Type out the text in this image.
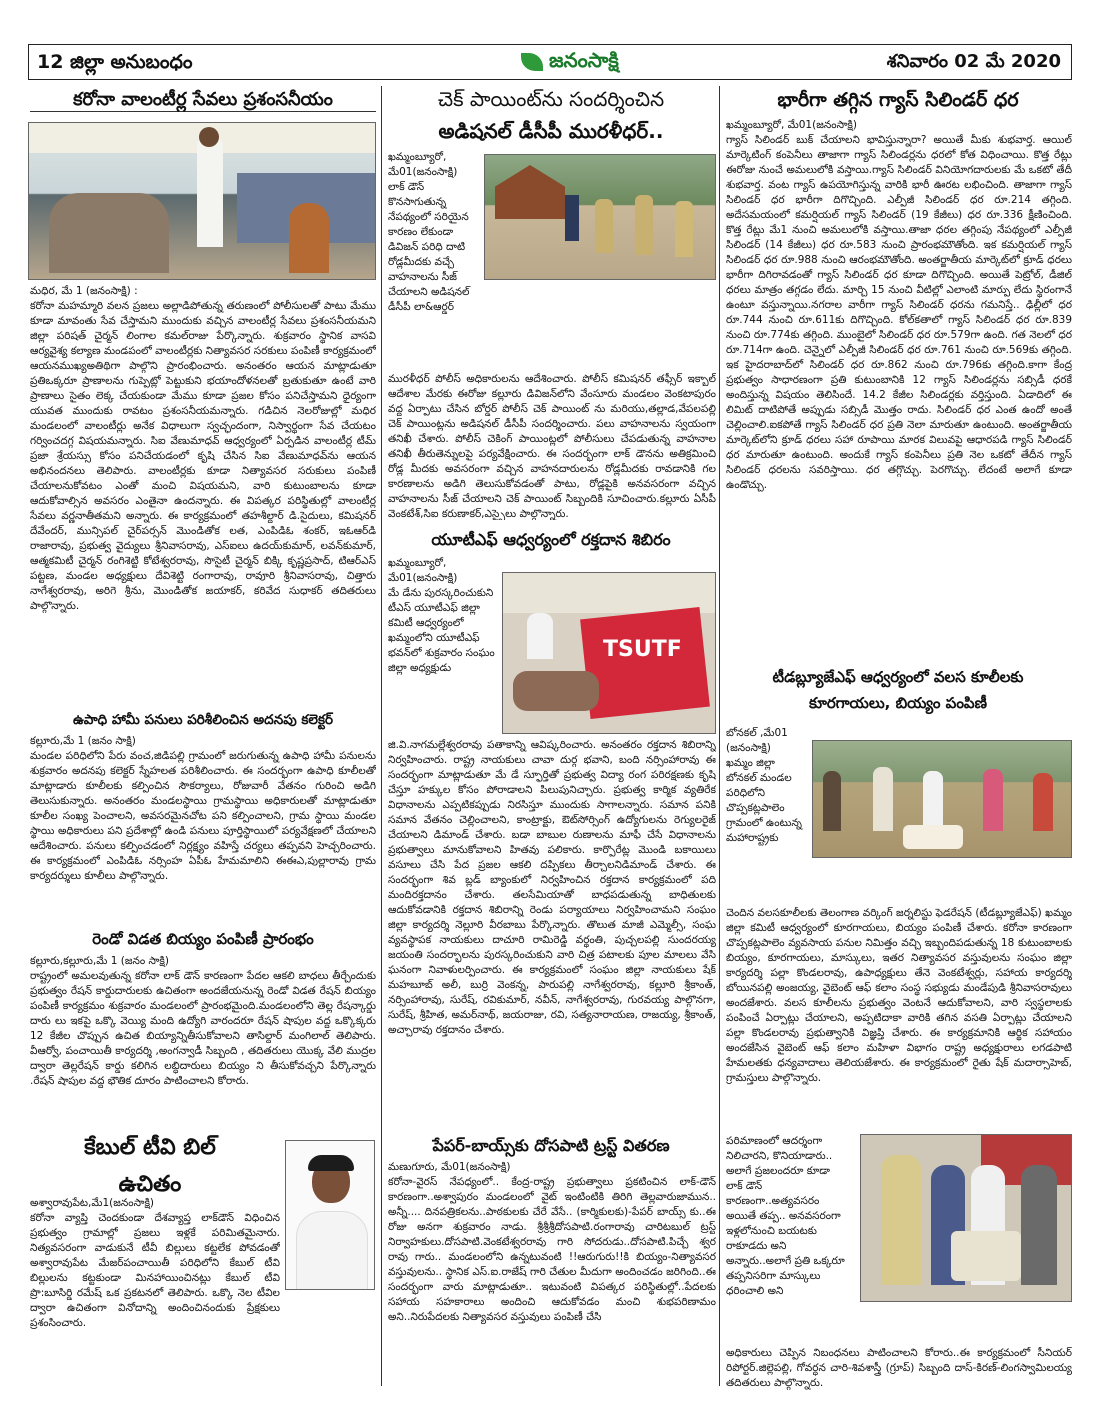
12 జిల్లా అనుబంధం	జనంసాక్షి	శనివారం 02 మే 2020
కరోనా వాలంటీర్ల సేవలు ప్రశంసనీయం

మధిర, మే 1 (జనంసాక్షి) :

కరోనా మహమ్మారి వలన ప్రజలు అల్లాడిపోతున్న తరుణంలో పోలీసులతో పాటు మేము కూడా మావంతు సేవ చేస్తామని ముందుకు వచ్చిన వాలంటీర్ల సేవలు ప్రశంసనీయమని జిల్లా పరిషత్ చైర్మన్ లింగాల కమల్‌రాజు పేర్కొన్నారు. శుక్రవారం స్థానిక వాసవి ఆర్యవైశ్య కల్యాణ మండపంలో వాలంటీర్లకు నిత్యావసర సరకులు పంపిణీ కార్యక్రమంలో ఆయనముఖ్యఅతిథిగా పాల్గొని ప్రారంభించారు. అనంతరం ఆయన మాట్లాడుతూ ప్రతిఒక్కరూ ప్రాణాలను గుప్పెట్లో పెట్టుకుని భయాందోళనలతో బ్రతుకుతూ ఉంటే వారి ప్రాణాలు సైతం లెక్క చేయకుండా మేము కూడా ప్రజల కోసం పనిచేస్తామని ధైర్యంగా యువత ముందుకు రావటం ప్రశంసనీయమన్నారు. గడిచిన నెలరోజుల్లో మధిర మండలంలో వాలంటీర్లు అనేక విధాలుగా స్వచ్ఛందంగా, నిస్వార్థంగా సేవ చేయటం గర్వించదగ్గ విషయమన్నారు. సిఐ వేణుమాధవ్ ఆధ్వర్యంలో ఏర్పడిన వాలంటీర్ల టీమ్ ప్రజా శ్రేయస్సు కోసం పనిచేయడంలో కృషి చేసిన సిఐ వేణుమాధవ్‌ను ఆయన అభినందనలు తెలిపారు. వాలంటీర్లకు కూడా నిత్యావసర సరుకులు పంపిణీ చేయాలనుకోవటం ఎంతో మంచి విషయమని, వారి కుటుంబాలను కూడా ఆదుకోవాల్సిన అవసరం ఎంతైనా ఉందన్నారు. ఈ విపత్కర పరిస్థితుల్లో వాలంటీర్ల సేవలు వర్ణనాతీతమని అన్నారు. ఈ కార్యక్రమంలో తహశీల్దార్ డి.సైదులు, కమిషనర్ దేవేందర్, మున్సిపల్ చైర్‌పర్సన్ మొండితోక లత, ఎంపిడిఓ శంకర్, ఇఓఆర్‌డి రాజారావు, ప్రభుత్వ వైద్యులు శ్రీనివాసరావు, ఎస్‌ఐలు ఉదయ్‌కుమార్, లవన్‌కుమార్, ఆత్మకమిటీ చైర్మన్ రంగిశెట్టి కోటేశ్వరరావు, సొసైటీ చైర్మన్ బిక్కి కృష్ణప్రసాద్, టిఆర్ఎస్ పట్టణ, మండల అధ్యక్షులు దేవిశెట్టి రంగారావు, రావూరి శ్రీనివాసరావు, చిత్తారు నాగేశ్వరరావు, అరిగె శ్రీను, మొండితోక జయాకర్, కరివేద సుధాకర్ తదితరులు పాల్గొన్నారు.

ఉపాధి హామీ పనులు పరిశీలించిన అదనపు కలెక్టర్

కల్లూరు,మే 1 (జనం సాక్షి)

మండల పరిధిలోని పేరు వంచ,జిడిపల్లి గ్రామంలో జరుగుతున్న ఉపాధి హామీ పనులను శుక్రవారం అదనపు కలెక్టర్ స్నేహలత పరిశీలించారు. ఈ సందర్భంగా ఉపాధి కూలీలతో మాట్లాడారు కూలీలకు కల్పించిన సౌకర్యాలు, రోజువారీ వేతనం గురించి అడిగి తెలుసుకున్నారు. అనంతరం మండలస్థాయి గ్రామస్థాయి అధికారులతో మాట్లాడుతూ కూలీల సంఖ్య పెంచాలని, అవసరమైనచోట పని కల్పించాలని, గ్రామ స్థాయి మండల స్థాయి అధికారులు పని ప్రదేశాల్లో ఉండి పనులు పూర్తిస్థాయిలో పర్యవేక్షణలో చేయాలని ఆదేశించారు. పనులు కల్పించడంలో నిర్లక్ష్యం వహిస్తే చర్యలు తప్పవని హెచ్చరించారు. ఈ కార్యక్రమంలో ఎంపిడిఓ నర్సింహ ఏపీఓ హేమమాలిని ఈఈఎ,పుల్లారావు గ్రామ కార్యదర్శులు కూలీలు పాల్గొన్నారు.

రెండో విడత బియ్యం పంపిణీ ప్రారంభం

కల్లూరు,కల్లూరు,మే 1 (జనం సాక్షి)

రాష్ట్రంలో అమలవుతున్న కరోనా లాక్ డౌన్ కారణంగా పేదల ఆకలి బాధలు తీర్చేందుకు ప్రభుత్వం రేషన్ కార్డుదారులకు ఉచితంగా అందజేయనున్న రెండో విడత రేషన్ బియ్యం పంపిణీ కార్యక్రమం శుక్రవారం మండలంలో ప్రారంభమైంది.మండలంలోని తెల్ల రేషన్కార్డు దారు లు ఇకపై ఒక్కొ వెయ్యి మంది ఉద్యోగి వారందరూ రేషన్ షాపుల వద్ద ఒక్కొక్కరు 12 కేజీల చొప్పున ఉచిత బియ్యాన్నితీసుకోవాలని తాసిల్దార్ మంగిలాల్ తెలిపారు. వీఆర్వో, పంచాయితీ కార్యదర్శి ,అంగన్వాడీ సిబ్బంది , తదితరులు యొక్క వేలి ముద్రల ద్వారా తెల్లరేషన్ కార్డు కలిగిన లబ్ధిదారులు బియ్యం ని తీసుకోవచ్చని పేర్కొన్నారు .రేషన్ షాపుల వద్ద భౌతిక దూరం పాటించాలని కోరారు.

కేబుల్ టీవి బిల్
ఉచితం

అశ్వారావుపేట,మే1(జనంసాక్షి)

కరోనా వ్యాప్తి చెందకుండా దేశవ్యాప్త లాక్‌డౌన్ విధించిన ప్రభుత్వం గ్రామాల్లో ప్రజలు ఇళ్లకే పరిమితమైనారు. నిత్యవసరంగా వాడుకునే టీవీ బిల్లులు కట్టలేక పోవడంతో అశ్వారావుపేట మేజర్‌పంచాయితీ పరిధిలోని కేబుల్ టీవి బిల్లులను కట్టకుండా మినహాయించినట్లు కేబుల్ టీవి ప్రొ:బూసిర్డి రమేష్ ఒక ప్రకటనలో తెలిపారు. ఒక్కొ నెల టీవిల ద్వారా ఉచితంగా వినోదాన్ని అందించినందుకు ప్రేక్షకులు ప్రశంసించారు.

చెక్ పాయింట్‌ను సందర్శించిన
అడిషనల్ డీసీపీ మురళీధర్..

ఖమ్మంబ్యూరో, మే01(జనంసాక్షి)

లాక్ డౌన్ కొనసాగుతున్న నేపథ్యంలో సరియైన కారణం లేకుండా డివిజన్ పరిధి దాటి రోడ్లమీదకు వచ్చే వాహనాలను సీజ్ చేయాలని అడిషనల్ డీసీపీ లా&ఆర్డర్

మురళీధర్ పోలీస్ అధికారులను ఆదేశించారు. పోలీస్ కమిషనర్ తఫ్సీర్ ఇక్బాల్ ఆదేశాల మేరకు ఈరోజు కల్లూరు డివిజన్‌లోని వేంసూరు మండలం వెంకటాపురం వద్ద ఏర్పాటు చేసిన బోర్డర్ పోలీస్ చెక్ పాయింట్ ను మరియు,తల్లాడ,వేపలపల్లి చెక్ పాయింట్లను అడిషనల్ డీసీపీ సందర్శించారు. పలు వాహనాలను స్వయంగా తనిఖీ చేశారు. పోలీస్ చెకింగ్ పాయింట్లలో పోలీసులు చేపడుతున్న వాహనాల తనిఖీ తీరుతెన్నులపై పర్యవేక్షించారు. ఈ సందర్భంగా లాక్ డౌనను అతిక్రమించి రోడ్ల మీదకు అవసరంగా వచ్చిన వాహనదారులను రోడ్లమీదకు రావడానికి గల కారణాలను అడిగి తెలుసుకోవడంతో పాటు, రోడ్లపైకి అనవసరంగా వచ్చిన వాహనాలను సీజ్ చేయాలని చెక్ పాయింట్ సిబ్బందికి సూచించారు.కల్లూరు ఏసీపీ వెంకటేశ్,సిఐ కరుణాకర్,ఎస్సైలు పాల్గొన్నారు.

యూటీఎఫ్ ఆధ్వర్యంలో రక్తదాన శిబిరం

ఖమ్మంబ్యూరో, మే01(జనంసాక్షి)

మే డేను పురస్కరించుకుని టీఎస్ యూటీఎఫ్ జిల్లా కమిటీ ఆధ్వర్యంలో ఖమ్మంలోని యూటీఎఫ్ భవన్‌లో శుక్రవారం సంఘం జిల్లా అధ్యక్షుడు

TSUTF

జి.వి.నాగమల్లేశ్వరరావు పతాకాన్ని ఆవిష్కరించారు. అనంతరం రక్తదాన శిబిరాన్ని నిర్వహించారు. రాష్ట్ర నాయకులు చావా దుర్గ భవాని, బంది నర్సింహారావు ఈ సందర్భంగా మాట్లాడుతూ మే డే స్ఫూర్తితో ప్రభుత్వ విద్యా రంగ పరిరక్షణకు కృషి చేస్తూ హక్కుల కోసం పోరాడాలని పిలుపునిచ్చారు. ప్రభుత్వ కార్మిక వ్యతిరేక విధానాలను ఎప్పటికప్పుడు నిరసిస్తూ ముందుకు సాగాలన్నారు. సమాన పనికి సమాన వేతనం చెల్లించాలని, కాంట్రాక్టు, ఔట్‌సోర్సింగ్ ఉద్యోగులను రెగ్యులరైజ్ చేయాలని డిమాండ్ చేశారు. బడా బాబుల రుణాలను మాఫీ చేసే విధానాలను ప్రభుత్వాలు మానుకోవాలని హితవు పలికారు. కార్పొరేట్ల మొండి బకాయిలు వసూలు చేసి పేద ప్రజల ఆకలి దప్పికలు తీర్చాలనిడిమాండ్ చేశారు. ఈ సందర్భంగా శివ బ్లడ్ బ్యాంకులో నిర్వహించిన రక్తదాన కార్యక్రమంలో పది మందిరక్తదానం చేశారు. తలసేమియాతో బాధపడుతున్న బాధితులకు ఆదుకోవడానికి రక్తదాన శిబిరాన్ని రెండు పర్యాయాలు నిర్వహించామని సంఘం జిల్లా కార్యదర్శి నెల్లూరి వీరబాబు పేర్కొన్నారు. తొలుత మాజీ ఎమ్మెల్సీ, సంఘ వ్యవస్థాపక నాయకులు దాచూరి రామిరెడ్డి వర్థంతి, పుచ్చలపల్లి సుందరయ్య జయంతి సందర్భాలను పురస్కరించుకుని వారి చిత్ర పటాలకు పూల మాలలు వేసి ఘనంగా నివాళులర్పించారు. ఈ కార్యక్రమంలో సంఘం జిల్లా నాయకులు షేక్ మహబూబ్ అలీ, బుర్రి వెంకన్న, పారుపల్లి నాగేశ్వరరావు, కల్లూరి శ్రీకాంత్, నర్సింహారావు, సురేష్, రవికుమార్, నవీన్, నాగేశ్వరరావు, గురవయ్య పాల్గొనగా, సురేష్, శ్రీహిత, అమర్‌నాథ్, జయరాజు, రవి, సత్యనారాయణ, రాజయ్య, శ్రీకాంత్, అచ్చారావు రక్తదానం చేశారు.

పేపర్-బాయ్స్‌కు దోసపాటి ట్రస్ట్ వితరణ

మణుగూరు, మే01(జనంసాక్షి)

కరోనా-వైరస్ నేపధ్యంలో.. కేంద్ర-రాష్ట్ర ప్రభుత్వాలు ప్రకటించిన లాక్-డౌన్ కారణంగా..అశ్వాపురం మండలంలో వైట్ ఇంటింటికి తిరిగి తెల్లవారుజామున.. అన్నీ.... దినపత్రికలను..పాఠకులకు చేరే వేసే.. (కార్మికులకు)-పేపర్ బాయ్స్ కు..ఈ రోజు అనగా శుక్రవారం నాడు. శ్రీశ్రీశ్రీదోసపాటి.రంగారావు చారిటబుల్ ట్రస్ట్ నిర్వాహకులు.దోసపాటి.వెంకటేశ్వరరావు గారి సోదరుడు..దోసపాటి.పిచ్చే శ్వర రావు గారు.. మండలంలోని ఉన్నటువంటి !!ఆరుగురు!!కి బియ్యం-నిత్యావసర వస్తువులను.. స్థానిక ఎస్.ఐ.రాజేష్ గారి చేతుల మీదుగా అందించడం జరిగింది..ఈ సందర్భంగా వారు మాట్లాడుతూ.. ఇటువంటి విపత్కర పరిస్థితుల్లో..పేదలకు సహాయ సహకారాలు అందించి ఆదుకోవడం మంచి శుభపరిణామం అని..నిరుపేదలకు నిత్యావసర వస్తువులు పంపిణీ చేసి

భారీగా తగ్గిన గ్యాస్ సిలిండర్ ధర

ఖమ్మంబ్యూరో, మే01(జనంసాక్షి)

గ్యాస్ సిలిండర్ బుక్ చేయాలని భావిస్తున్నారా? అయితే మీకు శుభవార్త. ఆయిల్ మార్కెటింగ్ కంపెనీలు తాజాగా గ్యాస్ సిలిండర్లను ధరలో కోత విధించాయి. కొత్త రేట్లు ఈరోజు నుంచే అమలులోకి వస్తాయి.గ్యాస్ సిలిండర్ వినియోగదారులకు మే ఒకటో తేదీ శుభవార్త. వంట గ్యాస్ ఉపయోగిస్తున్న వారికి భారీ ఊరట లభించింది. తాజాగా గ్యాస్ సిలిండర్ ధర భారీగా దిగొచ్చింది. ఎల్పీజీ సిలిండర్ ధర రూ.214 తగ్గింది. అదేసమయంలో కమర్షియల్ గ్యాస్ సిలిండర్ (19 కేజీలు) ధర రూ.336 క్షీణించింది. కొత్త రేట్లు మే1 నుంచి అమలులోకి వస్తాయి.తాజా ధరల తగ్గింపు నేపథ్యంలో ఎల్పీజీ సిలిండర్ (14 కేజీలు) ధర రూ.583 నుంచి ప్రారంభమౌతోంది. ఇక కమర్షియల్ గ్యాస్ సిలిండర్ ధర రూ.988 నుంచి ఆరంభమౌతోంది. అంతర్జాతీయ మార్కెట్‌లో క్రూడ్ ధరలు భారీగా దిగిరావడంతో గ్యాస్ సిలిండర్ ధర కూడా దిగొచ్చింది. అయితే పెట్రోల్, డీజిల్ ధరలు మాత్రం తగ్గడం లేదు. మార్చి 15 నుంచి వీటిల్లో ఎలాంటి మార్పు లేదు స్థిరంగానే ఉంటూ వస్తున్నాయి.నగరాల వారీగా గ్యాస్ సిలిండర్ ధరను గమనిస్తే.. ఢిల్లీలో ధర రూ.744 నుంచి రూ.611కు దిగొచ్చింది. కోల్‌కతాలో గ్యాస్ సిలిండర్ ధర రూ.839 నుంచి రూ.774కు తగ్గింది. ముంబైలో సిలిండర్ ధర రూ.579గా ఉంది. గత నెలలో ధర రూ.714గా ఉంది. చెన్నైలో ఎల్పీజీ సిలిండర్ ధర రూ.761 నుంచి రూ.569కు తగ్గింది. ఇక హైదరాబాద్‌లో సిలిండర్ ధర రూ.862 నుంచి రూ.796కు తగ్గింది.కాగా కేంద్ర ప్రభుత్వం సాధారణంగా ప్రతి కుటుంబానికి 12 గ్యాస్ సిలిండర్లను సబ్సిడీ ధరకే అందిస్తున్న విషయం తెలిసిందే. 14.2 కేజీల సిలిండర్లకు వర్తిస్తుంది. ఏడాదిలో ఈ లిమిట్ దాటిపోతే అప్పుడు సబ్సిడీ మొత్తం రాదు. సిలిండర్ ధర ఎంత ఉందో అంతే చెల్లించాలి.ఐకపోతే గ్యాస్ సిలిండర్ ధర ప్రతి నెలా మారుతూ ఉంటుంది. అంతర్జాతీయ మార్కెట్‌లోని క్రూడ్ ధరలు సహా రూపాయి మారక విలువపై ఆధారపడి గ్యాస్ సిలిండర్ ధర మారుతూ ఉంటుంది. అందుకే గ్యాస్ కంపెనీలు ప్రతి నెల ఒకటో తేదీన గ్యాస్ సిలిండర్ ధరలను సవరిస్తాయి. ధర తగ్గొచ్చు. పెరగొచ్చు. లేదంటే అలాగే కూడా ఉండొచ్చు.

టీడబ్ల్యూజేఎఫ్ ఆధ్వర్యంలో వలస కూలీలకు
కూరగాయలు, బియ్యం పంపిణీ

బోనకల్ ,మే01 (జనంసాక్షి)

ఖమ్మం జిల్లా బోనకల్ మండల పరిధిలోని చొప్పకట్లపాలెం గ్రామంలో ఉంటున్న మహారాష్ట్రకు

చెందిన వలసకూలీలకు తెలంగాణ వర్కింగ్ జర్నలిస్టు ఫెడరేషన్ (టీడబ్ల్యూజేఎఫ్) ఖమ్మం జిల్లా కమిటీ ఆధ్వర్యంలో కూరగాయలు, బియ్యం పంపిణీ చేశారు. కరోనా కారణంగా చొప్పకట్లపాలెం వ్యవసాయ పనుల నిమిత్తం వచ్చి ఇబ్బందిపడుతున్న 18 కుటుంబాలకు బియ్యం, కూరగాయలు, మాస్కులు, ఇతర నిత్యావసర వస్తువులను సంఘం జిల్లా కార్యదర్శి పల్లా కొండలరావు, ఉపాధ్యక్షులు తేనె వెంకటేశ్వర్లు, సహాయ కార్యదర్శి బోయినపల్లి అంజయ్య, వైబెంట్ ఆఫ్ కలాం సంస్థ సభ్యుడు మండేపుడి శ్రీనివాసరావులు అందజేశారు. వలస కూలీలను ప్రభుత్వం వెంటనే ఆదుకోవాలని, వారి స్వస్థలాలకు పంపించే ఏర్పాట్లు చేయాలని, అప్పటిదాకా వారికి తగిన వసతి ఏర్పాట్లు చేయాలని పల్లా కొండలరావు ప్రభుత్వానికి విజ్ఞప్తి చేశారు. ఈ కార్యక్రమానికి ఆర్థిక సహాయం అందజేసిన వైబెంట్ ఆఫ్ కలాం మహిళా విభాగం రాష్ట్ర అధ్యక్షురాలు లగడపాటి హేమలతకు ధన్యవాదాలు తెలియజేశారు. ఈ కార్యక్రమంలో రైతు షేక్ మదార్సాహెబ్, గ్రామస్తులు పాల్గొన్నారు.

పరిమాణంలో ఆదర్శంగా నిలిచారని, కొనియాడారు.. అలాగే ప్రజలందరూ కూడా లాక్ డౌన్ కారణంగా..అత్యవసరం అయితే తప్ప.. అనవసరంగా ఇళ్లలోనుంచి బయటకు రాకూడదు అని అన్నారు..అలాగే ప్రతి ఒక్కరూ తప్పనిసరిగా మాస్కులు ధరించాలి అని

అధికారులు చెప్పిన నిబంధనలు పాటించాలని కోరారు..ఈ కార్యక్రమంలో సీనియర్ రిపోర్టర్.జిల్లెపల్లి, గోవర్ధన చారి-శివశాస్త్రీ (గ్రూప్) సిబ్బంది దాస్-కిరణ్-లింగస్వామిలయ్య తదితరులు పాల్గొన్నారు.
